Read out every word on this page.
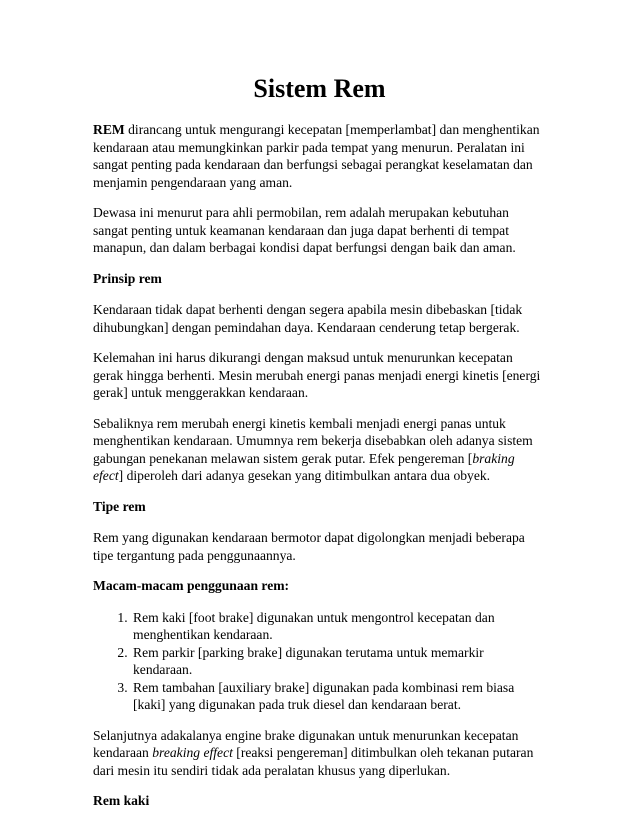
Sistem Rem

REM dirancang untuk mengurangi kecepatan [memperlambat] dan menghentikan kendaraan atau memungkinkan parkir pada tempat yang menurun. Peralatan ini sangat penting pada kendaraan dan berfungsi sebagai perangkat keselamatan dan menjamin pengendaraan yang aman.

Dewasa ini menurut para ahli permobilan, rem adalah merupakan kebutuhan sangat penting untuk keamanan kendaraan dan juga dapat berhenti di tempat manapun, dan dalam berbagai kondisi dapat berfungsi dengan baik dan aman.

Prinsip rem

Kendaraan tidak dapat berhenti dengan segera apabila mesin dibebaskan [tidak dihubungkan] dengan pemindahan daya. Kendaraan cenderung tetap bergerak.

Kelemahan ini harus dikurangi dengan maksud untuk menurunkan kecepatan gerak hingga berhenti. Mesin merubah energi panas menjadi energi kinetis [energi gerak] untuk menggerakkan kendaraan.

Sebaliknya rem merubah energi kinetis kembali menjadi energi panas untuk menghentikan kendaraan. Umumnya rem bekerja disebabkan oleh adanya sistem gabungan penekanan melawan sistem gerak putar. Efek pengereman [braking efect] diperoleh dari adanya gesekan yang ditimbulkan antara dua obyek.

Tipe rem

Rem yang digunakan kendaraan bermotor dapat digolongkan menjadi beberapa tipe tergantung pada penggunaannya.

Macam-macam penggunaan rem:

1. Rem kaki [foot brake] digunakan untuk mengontrol kecepatan dan menghentikan kendaraan.
2. Rem parkir [parking brake] digunakan terutama untuk memarkir kendaraan.
3. Rem tambahan [auxiliary brake] digunakan pada kombinasi rem biasa [kaki] yang digunakan pada truk diesel dan kendaraan berat.

Selanjutnya adakalanya engine brake digunakan untuk menurunkan kecepatan kendaraan breaking effect [reaksi pengereman] ditimbulkan oleh tekanan putaran dari mesin itu sendiri tidak ada peralatan khusus yang diperlukan.

Rem kaki
